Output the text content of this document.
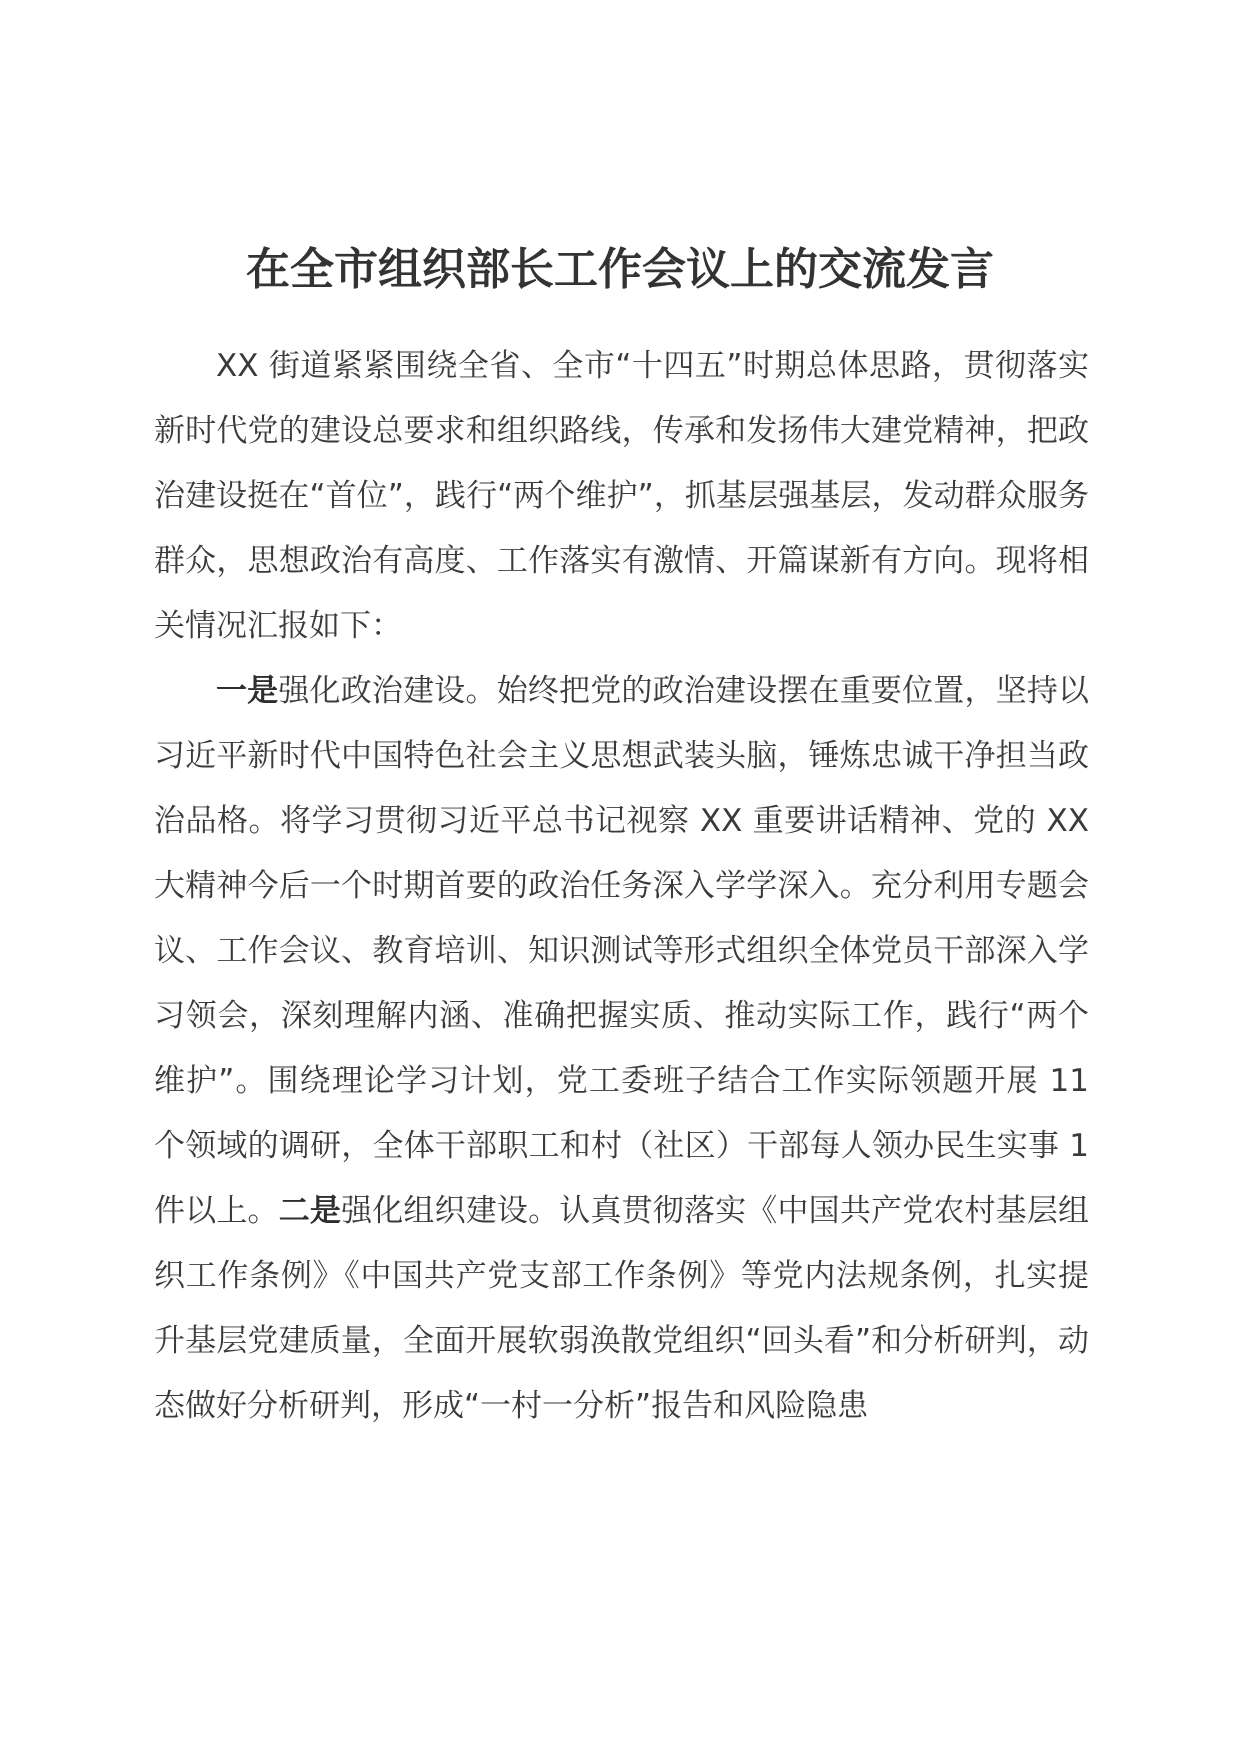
在全市组织部长工作会议上的交流发言

XX 街道紧紧围绕全省、全市“十四五”时期总体思路，贯彻落实新时代党的建设总要求和组织路线，传承和发扬伟大建党精神，把政治建设挺在“首位”，践行“两个维护”，抓基层强基层，发动群众服务群众，思想政治有高度、工作落实有激情、开篇谋新有方向。现将相关情况汇报如下：

一是强化政治建设。始终把党的政治建设摆在重要位置，坚持以习近平新时代中国特色社会主义思想武装头脑，锤炼忠诚干净担当政治品格。将学习贯彻习近平总书记视察 XX 重要讲话精神、党的 XX 大精神今后一个时期首要的政治任务深入学学深入。充分利用专题会议、工作会议、教育培训、知识测试等形式组织全体党员干部深入学习领会，深刻理解内涵、准确把握实质、推动实际工作，践行“两个维护”。围绕理论学习计划，党工委班子结合工作实际领题开展 11 个领域的调研，全体干部职工和村（社区）干部每人领办民生实事 1 件以上。二是强化组织建设。认真贯彻落实《中国共产党农村基层组织工作条例》《中国共产党支部工作条例》等党内法规条例，扎实提升基层党建质量，全面开展软弱涣散党组织“回头看”和分析研判，动态做好分析研判，形成“一村一分析”报告和风险隐患
